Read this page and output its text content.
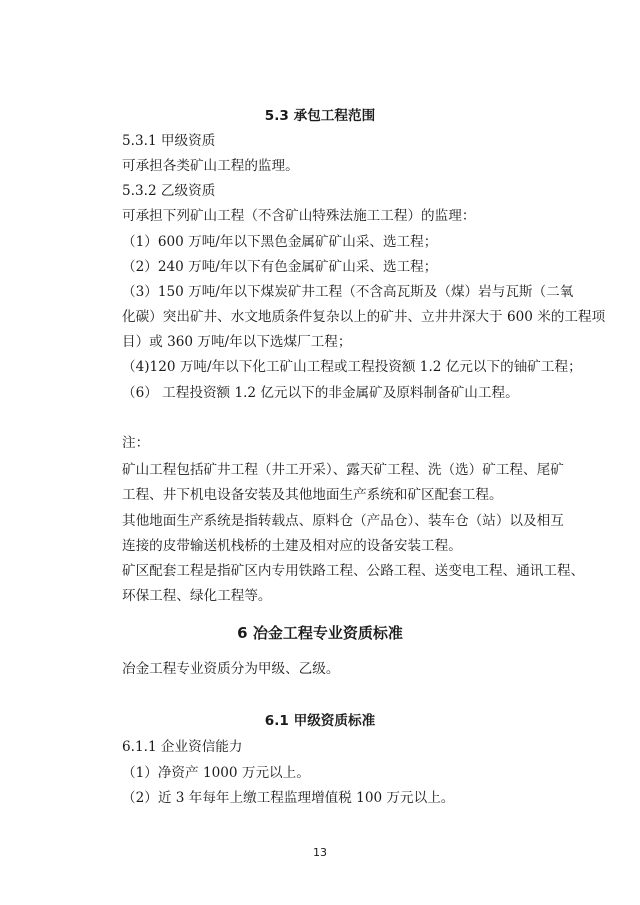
5.3 承包工程范围
5.3.1 甲级资质
可承担各类矿山工程的监理。
5.3.2 乙级资质
可承担下列矿山工程（不含矿山特殊法施工工程）的监理：
（1）600 万吨/年以下黑色金属矿矿山采、选工程；
（2）240 万吨/年以下有色金属矿矿山采、选工程；
（3）150 万吨/年以下煤炭矿井工程（不含高瓦斯及（煤）岩与瓦斯（二氧
化碳）突出矿井、水文地质条件复杂以上的矿井、立井井深大于 600 米的工程项
目）或 360 万吨/年以下选煤厂工程；
（4)120 万吨/年以下化工矿山工程或工程投资额 1.2 亿元以下的铀矿工程；
（6） 工程投资额 1.2 亿元以下的非金属矿及原料制备矿山工程。
注：
矿山工程包括矿井工程（井工开采）、露天矿工程、洗（选）矿工程、尾矿
工程、井下机电设备安装及其他地面生产系统和矿区配套工程。
其他地面生产系统是指转载点、原料仓（产品仓）、装车仓（站）以及相互
连接的皮带输送机栈桥的土建及相对应的设备安装工程。
矿区配套工程是指矿区内专用铁路工程、公路工程、送变电工程、通讯工程、
环保工程、绿化工程等。
6 冶金工程专业资质标准
冶金工程专业资质分为甲级、乙级。
6.1 甲级资质标准
6.1.1 企业资信能力
（1）净资产 1000 万元以上。
（2）近 3 年每年上缴工程监理增值税 100 万元以上。
13
